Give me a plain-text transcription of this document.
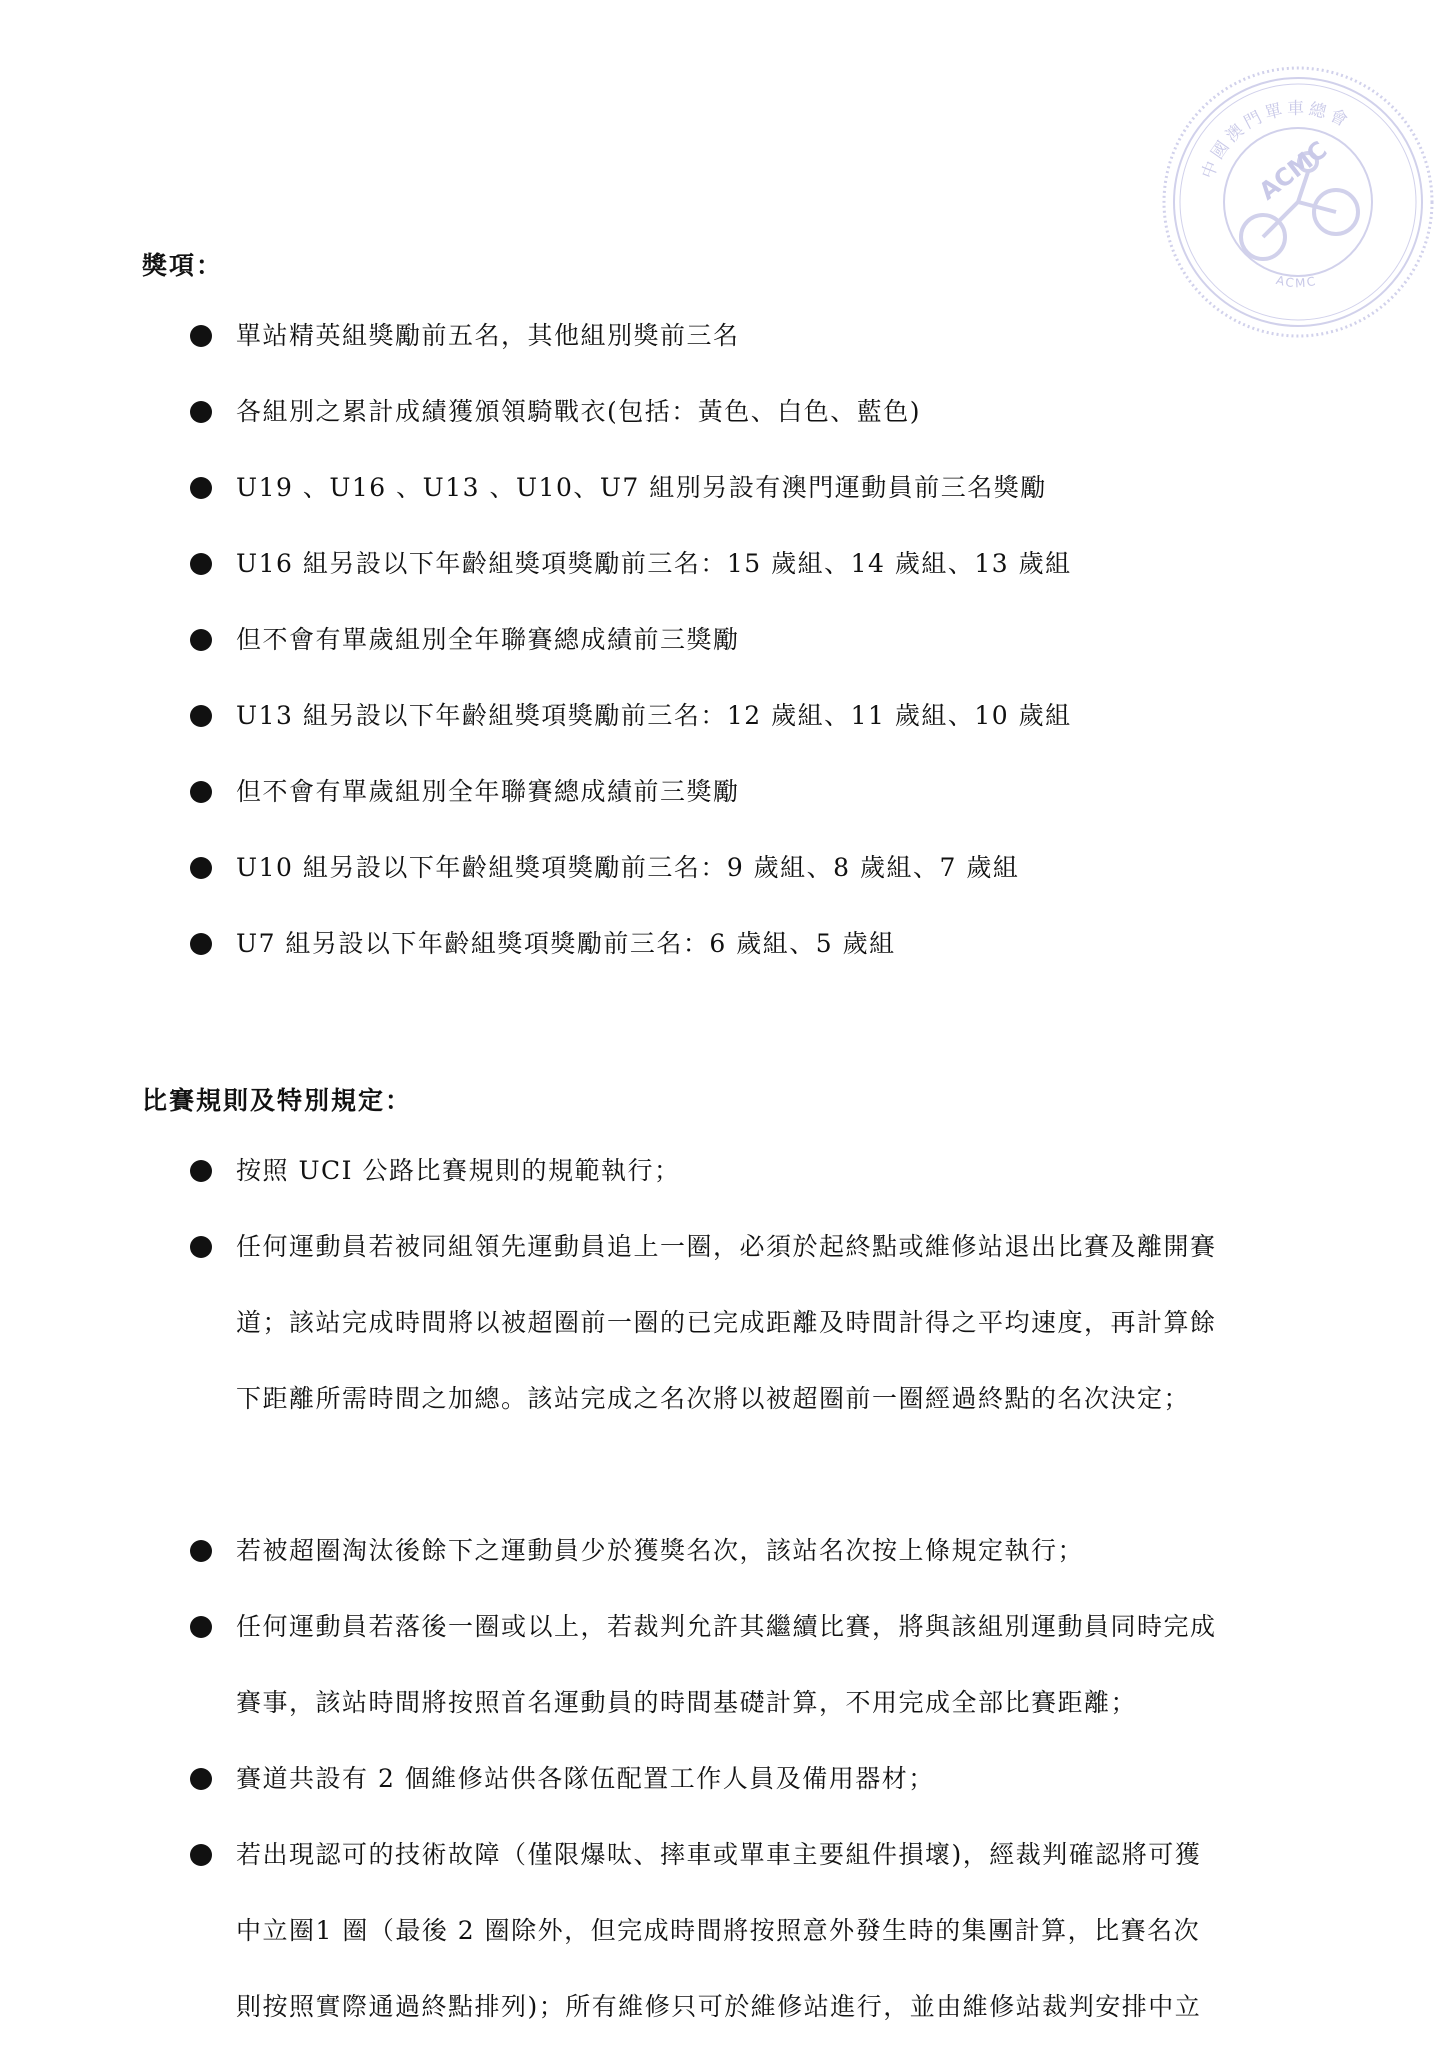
中國澳門單車總會
ACMC
ACMC
獎項：
單站精英組獎勵前五名，其他組別獎前三名
各組別之累計成績獲頒領騎戰衣(包括：黃色、白色、藍色)
U19 、U16 、U13 、U10、U7 組別另設有澳門運動員前三名獎勵
U16 組另設以下年齡組獎項獎勵前三名：15 歲組、14 歲組、13 歲組
但不會有單歲組別全年聯賽總成績前三獎勵
U13 組另設以下年齡組獎項獎勵前三名：12 歲組、11 歲組、10 歲組
但不會有單歲組別全年聯賽總成績前三獎勵
U10 組另設以下年齡組獎項獎勵前三名：9 歲組、8 歲組、7 歲組
U7 組另設以下年齡組獎項獎勵前三名：6 歲組、5 歲組
比賽規則及特別規定：
按照 UCI 公路比賽規則的規範執行；
任何運動員若被同組領先運動員追上一圈，必須於起終點或維修站退出比賽及離開賽
若被超圈淘汰後餘下之運動員少於獲獎名次，該站名次按上條規定執行；
任何運動員若落後一圈或以上，若裁判允許其繼續比賽，將與該組別運動員同時完成
賽道共設有 2 個維修站供各隊伍配置工作人員及備用器材；
若出現認可的技術故障（僅限爆呔、摔車或單車主要組件損壞)，經裁判確認將可獲
道；該站完成時間將以被超圈前一圈的已完成距離及時間計得之平均速度，再計算餘
下距離所需時間之加總。該站完成之名次將以被超圈前一圈經過終點的名次決定；
賽事，該站時間將按照首名運動員的時間基礎計算，不用完成全部比賽距離；
中立圈1 圈（最後 2 圈除外，但完成時間將按照意外發生時的集團計算，比賽名次
則按照實際通過終點排列)；所有維修只可於維修站進行，並由維修站裁判安排中立
